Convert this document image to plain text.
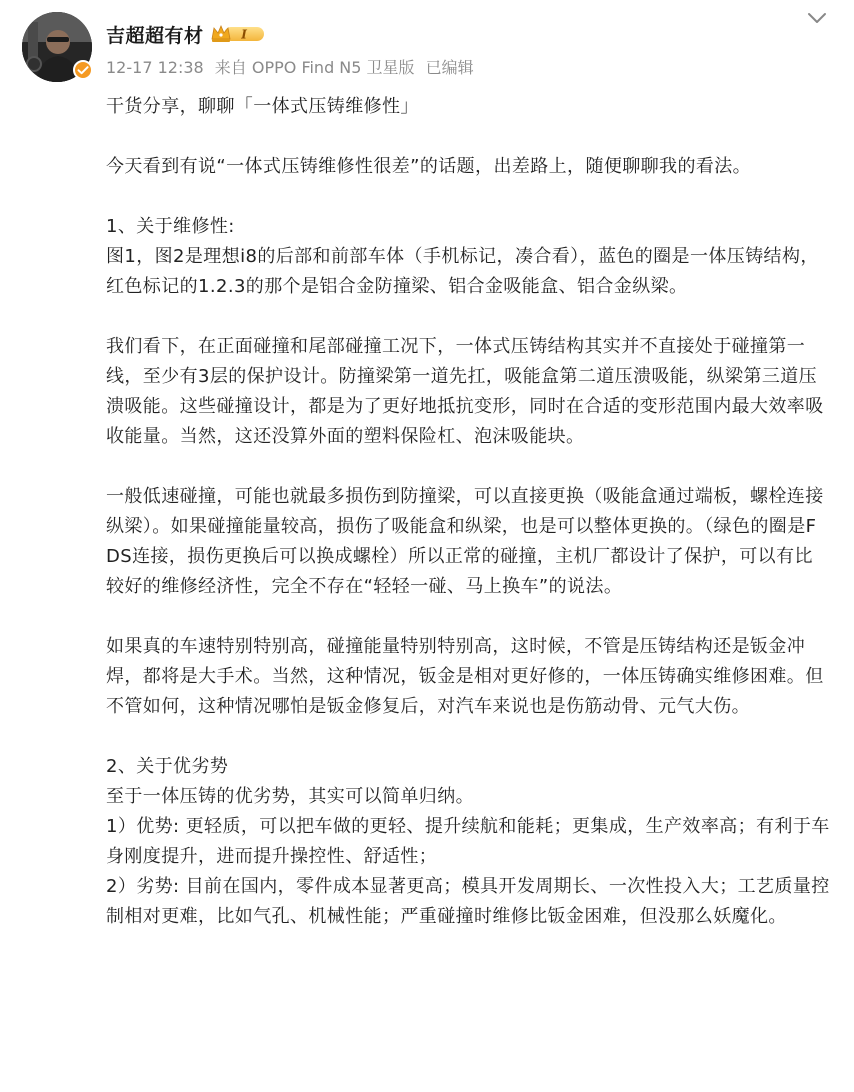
吉超超有材	I
12-17 12:38 来自 OPPO Find N5 卫星版 已编辑

干货分享，聊聊「一体式压铸维修性」

今天看到有说“一体式压铸维修性很差”的话题，出差路上，随便聊聊我的看法。

1、关于维修性:

图1，图2是理想i8的后部和前部车体（手机标记，凑合看），蓝色的圈是一体压铸结构，红色标记的1.2.3的那个是铝合金防撞梁、铝合金吸能盒、铝合金纵梁。

我们看下，在正面碰撞和尾部碰撞工况下，一体式压铸结构其实并不直接处于碰撞第一线，至少有3层的保护设计。防撞梁第一道先扛，吸能盒第二道压溃吸能，纵梁第三道压溃吸能。这些碰撞设计，都是为了更好地抵抗变形，同时在合适的变形范围内最大效率吸收能量。当然，这还没算外面的塑料保险杠、泡沫吸能块。

一般低速碰撞，可能也就最多损伤到防撞梁，可以直接更换（吸能盒通过端板，螺栓连接纵梁）。如果碰撞能量较高，损伤了吸能盒和纵梁，也是可以整体更换的。（绿色的圈是FDS连接，损伤更换后可以换成螺栓）所以正常的碰撞，主机厂都设计了保护，可以有比较好的维修经济性，完全不存在“轻轻一碰、马上换车”的说法。

如果真的车速特别特别高，碰撞能量特别特别高，这时候，不管是压铸结构还是钣金冲焊，都将是大手术。当然，这种情况，钣金是相对更好修的，一体压铸确实维修困难。但不管如何，这种情况哪怕是钣金修复后，对汽车来说也是伤筋动骨、元气大伤。

2、关于优劣势

至于一体压铸的优劣势，其实可以简单归纳。

1）优势: 更轻质，可以把车做的更轻、提升续航和能耗；更集成，生产效率高；有利于车身刚度提升，进而提升操控性、舒适性；

2）劣势: 目前在国内，零件成本显著更高；模具开发周期长、一次性投入大；工艺质量控制相对更难，比如气孔、机械性能；严重碰撞时维修比钣金困难，但没那么妖魔化。
